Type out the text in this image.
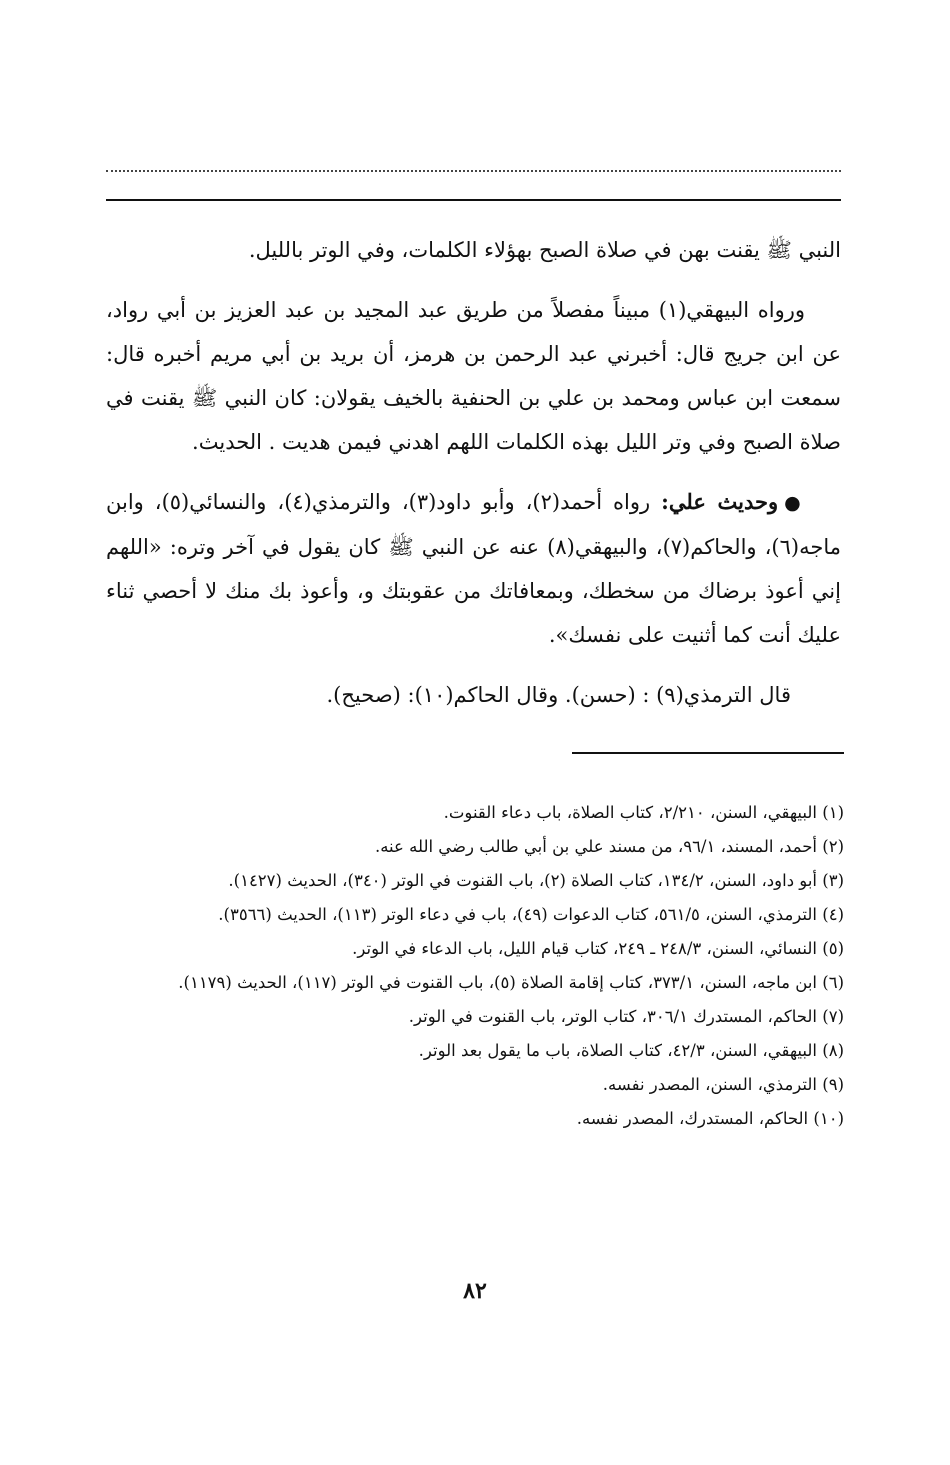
النبي ﷺ يقنت بهن في صلاة الصبح بهؤلاء الكلمات، وفي الوتر بالليل.

ورواه البيهقي(١) مبيناً مفصلاً من طريق عبد المجيد بن عبد العزيز بن أبي رواد، عن ابن جريج قال: أخبرني عبد الرحمن بن هرمز، أن بريد بن أبي مريم أخبره قال: سمعت ابن عباس ومحمد بن علي بن الحنفية بالخيف يقولان: كان النبي ﷺ يقنت في صلاة الصبح وفي وتر الليل بهذه الكلمات اللهم اهدني فيمن هديت . الحديث.

●وحديث علي: رواه أحمد(٢)، وأبو داود(٣)، والترمذي(٤)، والنسائي(٥)، وابن ماجه(٦)، والحاكم(٧)، والبيهقي(٨) عنه عن النبي ﷺ كان يقول في آخر وتره: «اللهم إني أعوذ برضاك من سخطك، وبمعافاتك من عقوبتك و، وأعوذ بك منك لا أحصي ثناء عليك أنت كما أثنيت على نفسك».

قال الترمذي(٩) : (حسن). وقال الحاكم(١٠): (صحيح).

(١) البيهقي، السنن، ٢/٢١٠، كتاب الصلاة، باب دعاء القنوت.

(٢) أحمد، المسند، ٩٦/١، من مسند علي بن أبي طالب رضي الله عنه.

(٣) أبو داود، السنن، ١٣٤/٢، كتاب الصلاة (٢)، باب القنوت في الوتر (٣٤٠)، الحديث (١٤٢٧).

(٤) الترمذي، السنن، ٥٦١/٥، كتاب الدعوات (٤٩)، باب في دعاء الوتر (١١٣)، الحديث (٣٥٦٦).

(٥) النسائي، السنن، ٢٤٨/٣ ـ ٢٤٩، كتاب قيام الليل، باب الدعاء في الوتر.

(٦) ابن ماجه، السنن، ٣٧٣/١، كتاب إقامة الصلاة (٥)، باب القنوت في الوتر (١١٧)، الحديث (١١٧٩).

(٧) الحاكم، المستدرك ٣٠٦/١، كتاب الوتر، باب القنوت في الوتر.

(٨) البيهقي، السنن، ٤٢/٣، كتاب الصلاة، باب ما يقول بعد الوتر.

(٩) الترمذي، السنن، المصدر نفسه.

(١٠) الحاكم، المستدرك، المصدر نفسه.

٨٢
